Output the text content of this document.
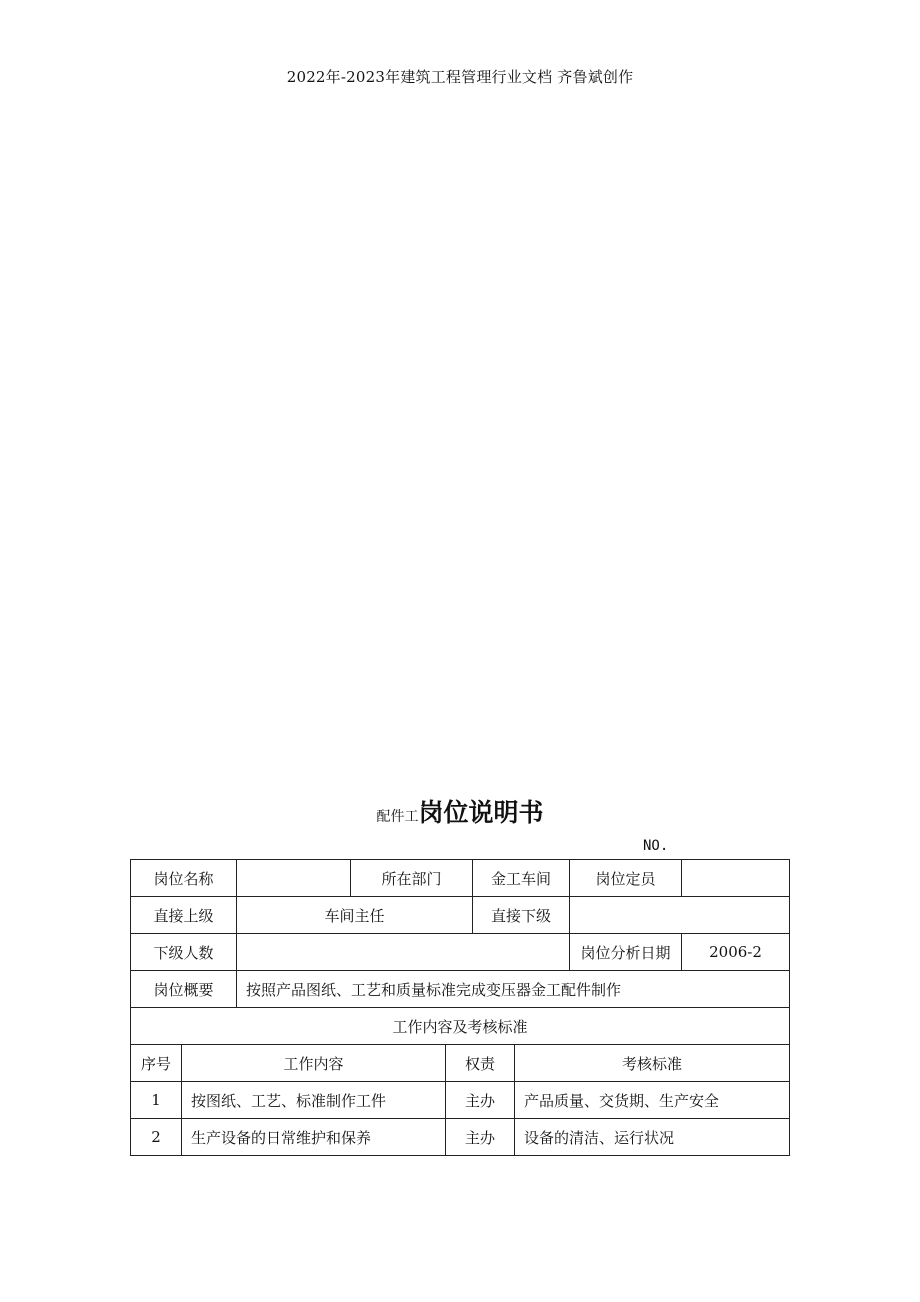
2022年-2023年建筑工程管理行业文档 齐鲁斌创作
配件工岗位说明书
NO.
岗位名称		所在部门	金工车间	岗位定员	
直接上级	车间主任		直接下级		
下级人数				岗位分析日期	2006-2
岗位概要	按照产品图纸、工艺和质量标准完成变压器金工配件制作				
工作内容及考核标准					
序号	工作内容	权责	考核标准
1	按图纸、工艺、标准制作工件	主办	产品质量、交货期、生产安全
2	生产设备的日常维护和保养	主办	设备的清洁、运行状况
